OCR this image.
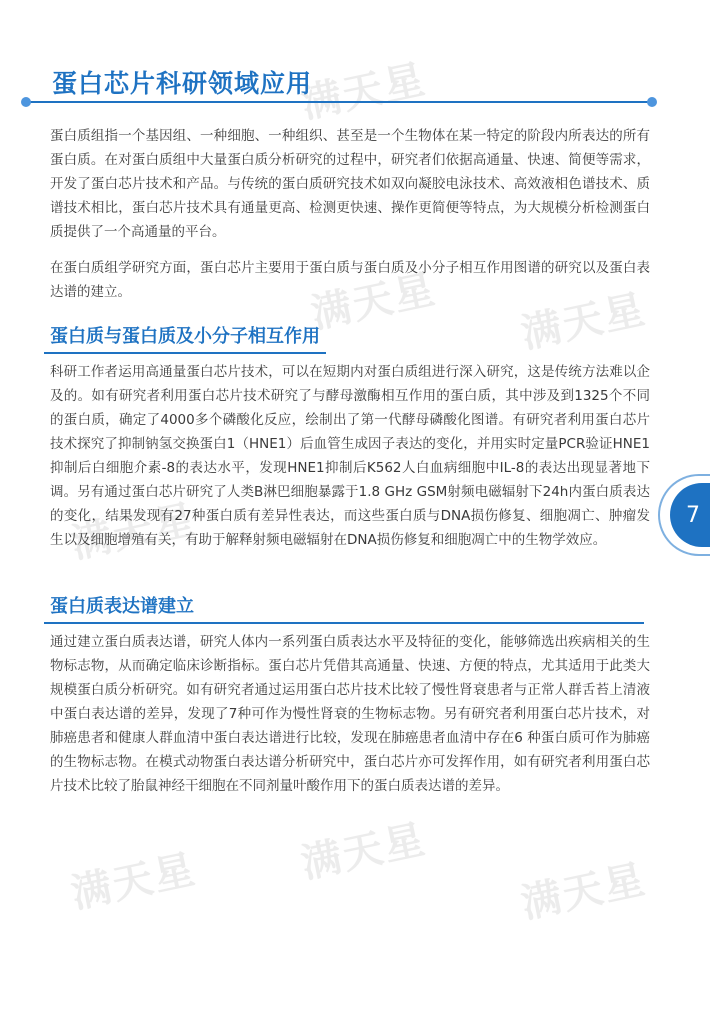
满天星
满天星 满天星
满天星
满天星
满天星	满天星
蛋白芯片科研领域应用
蛋白质组指一个基因组、一种细胞、一种组织、甚至是一个生物体在某一特定的阶段内所表达的所有蛋白质。在对蛋白质组中大量蛋白质分析研究的过程中，研究者们依据高通量、快速、简便等需求，开发了蛋白芯片技术和产品。与传统的蛋白质研究技术如双向凝胶电泳技术、高效液相色谱技术、质谱技术相比，蛋白芯片技术具有通量更高、检测更快速、操作更简便等特点，为大规模分析检测蛋白质提供了一个高通量的平台。
在蛋白质组学研究方面，蛋白芯片主要用于蛋白质与蛋白质及小分子相互作用图谱的研究以及蛋白表达谱的建立。
蛋白质与蛋白质及小分子相互作用
科研工作者运用高通量蛋白芯片技术，可以在短期内对蛋白质组进行深入研究，这是传统方法难以企及的。如有研究者利用蛋白芯片技术研究了与酵母激酶相互作用的蛋白质，其中涉及到1325个不同的蛋白质，确定了4000多个磷酸化反应，绘制出了第一代酵母磷酸化图谱。有研究者利用蛋白芯片技术探究了抑制钠氢交换蛋白1（HNE1）后血管生成因子表达的变化，并用实时定量PCR验证HNE1抑制后白细胞介素-8的表达水平，发现HNE1抑制后K562人白血病细胞中IL-8的表达出现显著地下调。另有通过蛋白芯片研究了人类B淋巴细胞暴露于1.8 GHz GSM射频电磁辐射下24h内蛋白质表达的变化，结果发现有27种蛋白质有差异性表达，而这些蛋白质与DNA损伤修复、细胞凋亡、肿瘤发生以及细胞增殖有关，有助于解释射频电磁辐射在DNA损伤修复和细胞凋亡中的生物学效应。
蛋白质表达谱建立
通过建立蛋白质表达谱，研究人体内一系列蛋白质表达水平及特征的变化，能够筛选出疾病相关的生物标志物，从而确定临床诊断指标。蛋白芯片凭借其高通量、快速、方便的特点，尤其适用于此类大规模蛋白质分析研究。如有研究者通过运用蛋白芯片技术比较了慢性肾衰患者与正常人群舌苔上清液中蛋白表达谱的差异，发现了7种可作为慢性肾衰的生物标志物。另有研究者利用蛋白芯片技术，对肺癌患者和健康人群血清中蛋白表达谱进行比较，发现在肺癌患者血清中存在6 种蛋白质可作为肺癌的生物标志物。在模式动物蛋白表达谱分析研究中，蛋白芯片亦可发挥作用，如有研究者利用蛋白芯片技术比较了胎鼠神经干细胞在不同剂量叶酸作用下的蛋白质表达谱的差异。
7
